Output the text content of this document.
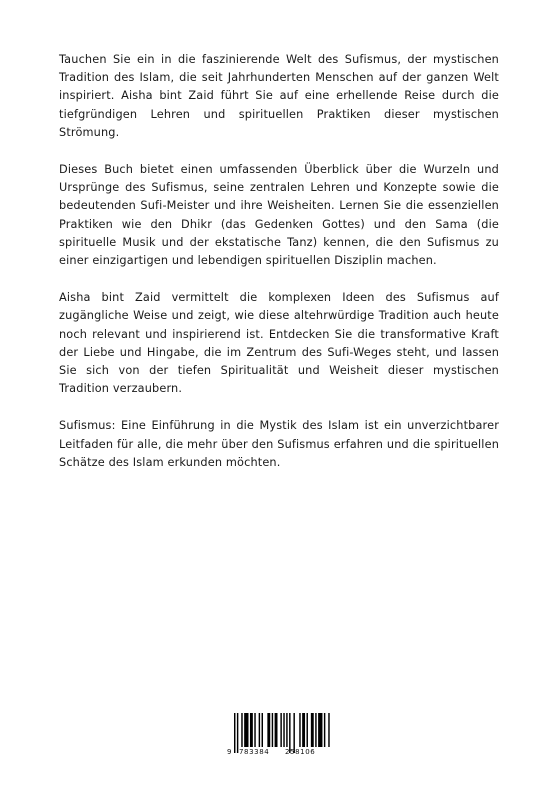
Tauchen Sie ein in die faszinierende Welt des Sufismus, der mystischen Tradition des Islam, die seit Jahrhunderten Menschen auf der ganzen Welt inspiriert. Aisha bint Zaid führt Sie auf eine erhellende Reise durch die tiefgründigen Lehren und spirituellen Praktiken dieser mystischen Strömung.

Dieses Buch bietet einen umfassenden Überblick über die Wurzeln und Ursprünge des Sufismus, seine zentralen Lehren und Konzepte sowie die bedeutenden Sufi-Meister und ihre Weisheiten. Lernen Sie die essenziellen Praktiken wie den Dhikr (das Gedenken Gottes) und den Sama (die spirituelle Musik und der ekstatische Tanz) kennen, die den Sufismus zu einer einzigartigen und lebendigen spirituellen Disziplin machen.

Aisha bint Zaid vermittelt die komplexen Ideen des Sufismus auf zugängliche Weise und zeigt, wie diese altehrwürdige Tradition auch heute noch relevant und inspirierend ist. Entdecken Sie die transformative Kraft der Liebe und Hingabe, die im Zentrum des Sufi-Weges steht, und lassen Sie sich von der tiefen Spiritualität und Weisheit dieser mystischen Tradition verzaubern.

Sufismus: Eine Einführung in die Mystik des Islam ist ein unverzichtbarer Leitfaden für alle, die mehr über den Sufismus erfahren und die spirituellen Schätze des Islam erkunden möchten.

9 783384 258106
